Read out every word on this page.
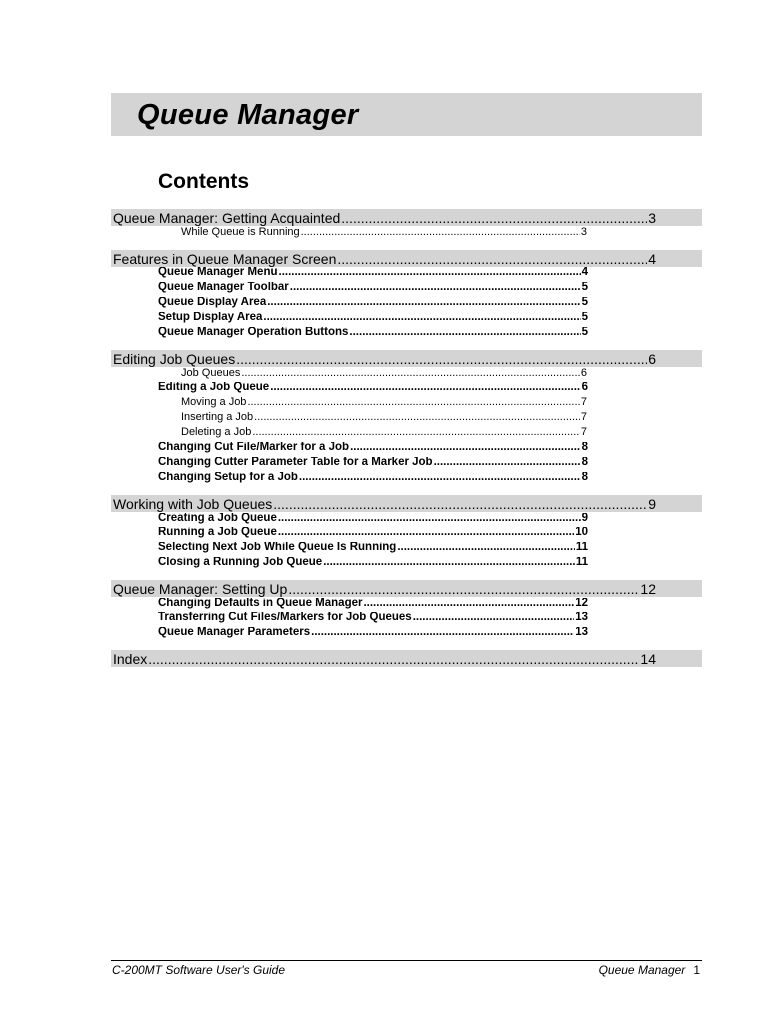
Queue Manager
Contents
Queue Manager: Getting Acquainted .....	3
While Queue is Running .....	3
Features in Queue Manager Screen .....	4
Queue Manager Menu .....	4
Queue Manager Toolbar .....	5
Queue Display Area .....	5
Setup Display Area .....	5
Queue Manager Operation Buttons .....	5
Editing Job Queues .....	6
Job Queues .....	6
Editing a Job Queue .....	6
Moving a Job .....	7
Inserting a Job .....	7
Deleting a Job .....	7
Changing Cut File/Marker for a Job .....	8
Changing Cutter Parameter Table for a Marker Job .....	8
Changing Setup for a Job .....	8
Working with Job Queues .....	9
Creating a Job Queue .....	9
Running a Job Queue .....	10
Selecting Next Job While Queue Is Running .....	11
Closing a Running Job Queue .....	11
Queue Manager: Setting Up .....	12
Changing Defaults in Queue Manager .....	12
Transferring Cut Files/Markers for Job Queues .....	13
Queue Manager Parameters .....	13
Index .....	14
C-200MT Software User's Guide	Queue Manager 1
